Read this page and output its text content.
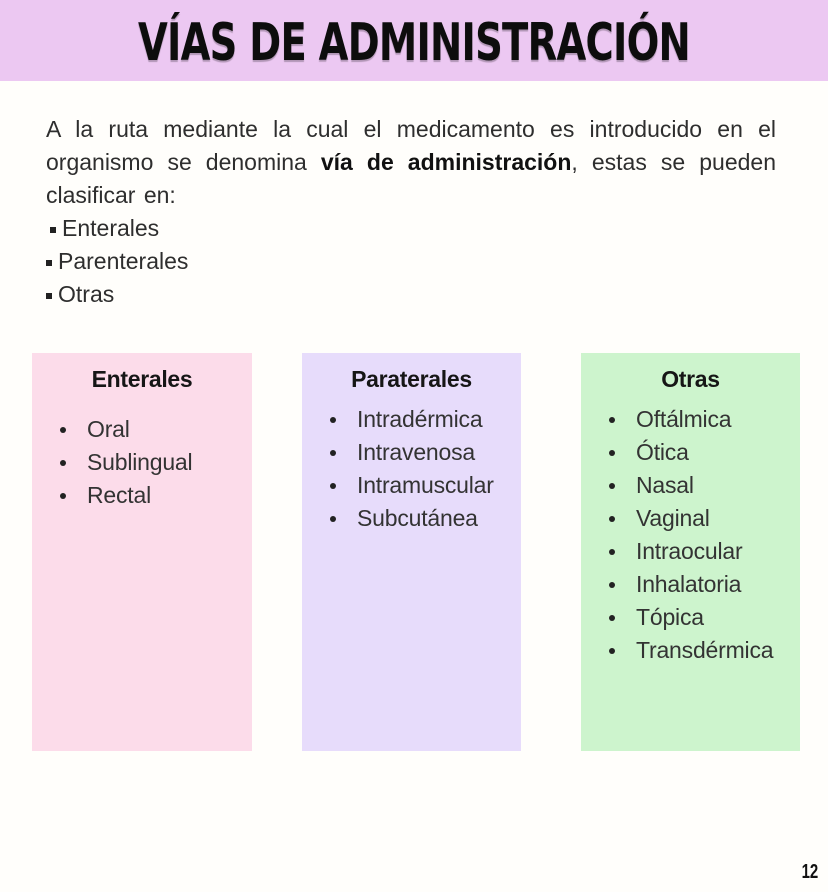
VÍAS DE ADMINISTRACIÓN

A la ruta mediante la cual el medicamento es introducido en el organismo se denomina vía de administración, estas se pueden clasificar en:

Enterales
Parenterales
Otras
Enterales
Oral
Sublingual
Rectal
Paraterales
Intradérmica
Intravenosa
Intramuscular
Subcutánea
Otras
Oftálmica
Ótica
Nasal
Vaginal
Intraocular
Inhalatoria
Tópica
Transdérmica
12
